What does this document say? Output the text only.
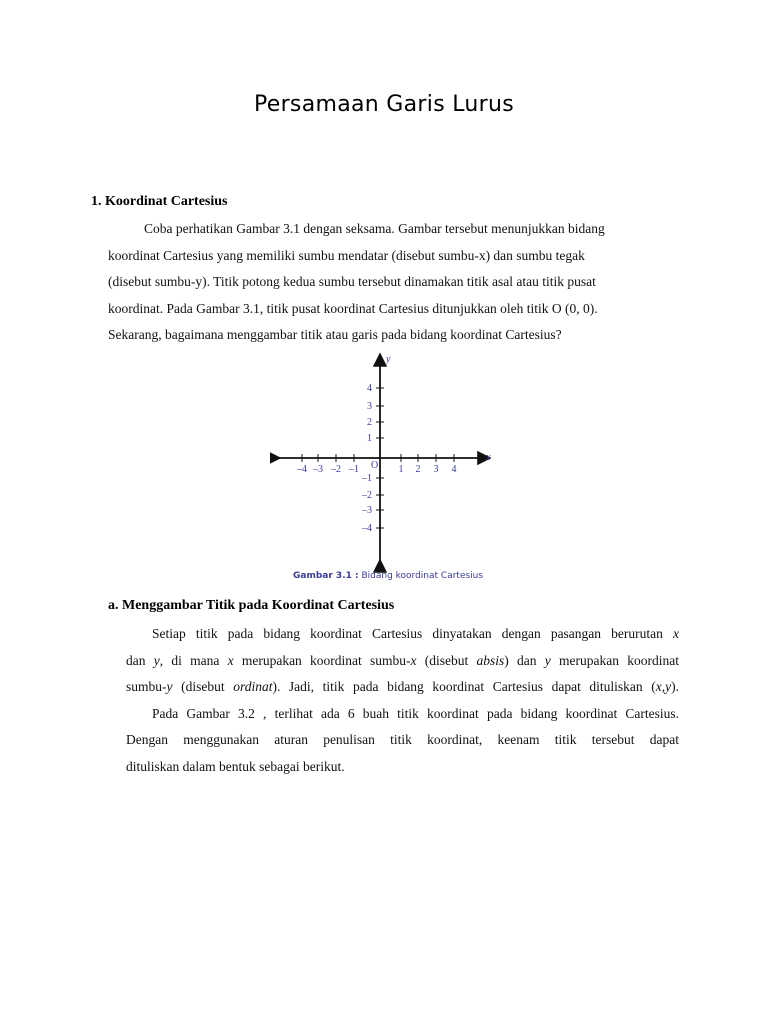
Persamaan Garis Lurus
1. Koordinat Cartesius
Coba perhatikan Gambar 3.1 dengan seksama. Gambar tersebut menunjukkan bidang
koordinat Cartesius yang memiliki sumbu mendatar (disebut sumbu-x) dan sumbu tegak
(disebut sumbu-y). Titik potong kedua sumbu tersebut dinamakan titik asal atau titik pusat
koordinat. Pada Gambar 3.1, titik pusat koordinat Cartesius ditunjukkan oleh titik O (0, 0).
Sekarang, bagaimana menggambar titik atau garis pada bidang koordinat Cartesius?
y
x
O
–4 –3 –2 –1	1 2 3 4
4
3
2
1
–1
–2
–3
–4
Gambar 3.1 : Bidang koordinat Cartesius
a. Menggambar Titik pada Koordinat Cartesius
Setiap titik pada bidang koordinat Cartesius dinyatakan dengan pasangan berurutan x
dan y, di mana x merupakan koordinat sumbu-x (disebut absis) dan y merupakan koordinat
sumbu-y (disebut ordinat). Jadi, titik pada bidang koordinat Cartesius dapat dituliskan (x,y).
Pada Gambar 3.2 , terlihat ada 6 buah titik koordinat pada bidang koordinat Cartesius.
Dengan menggunakan aturan penulisan titik koordinat, keenam titik tersebut dapat
dituliskan dalam bentuk sebagai berikut.
